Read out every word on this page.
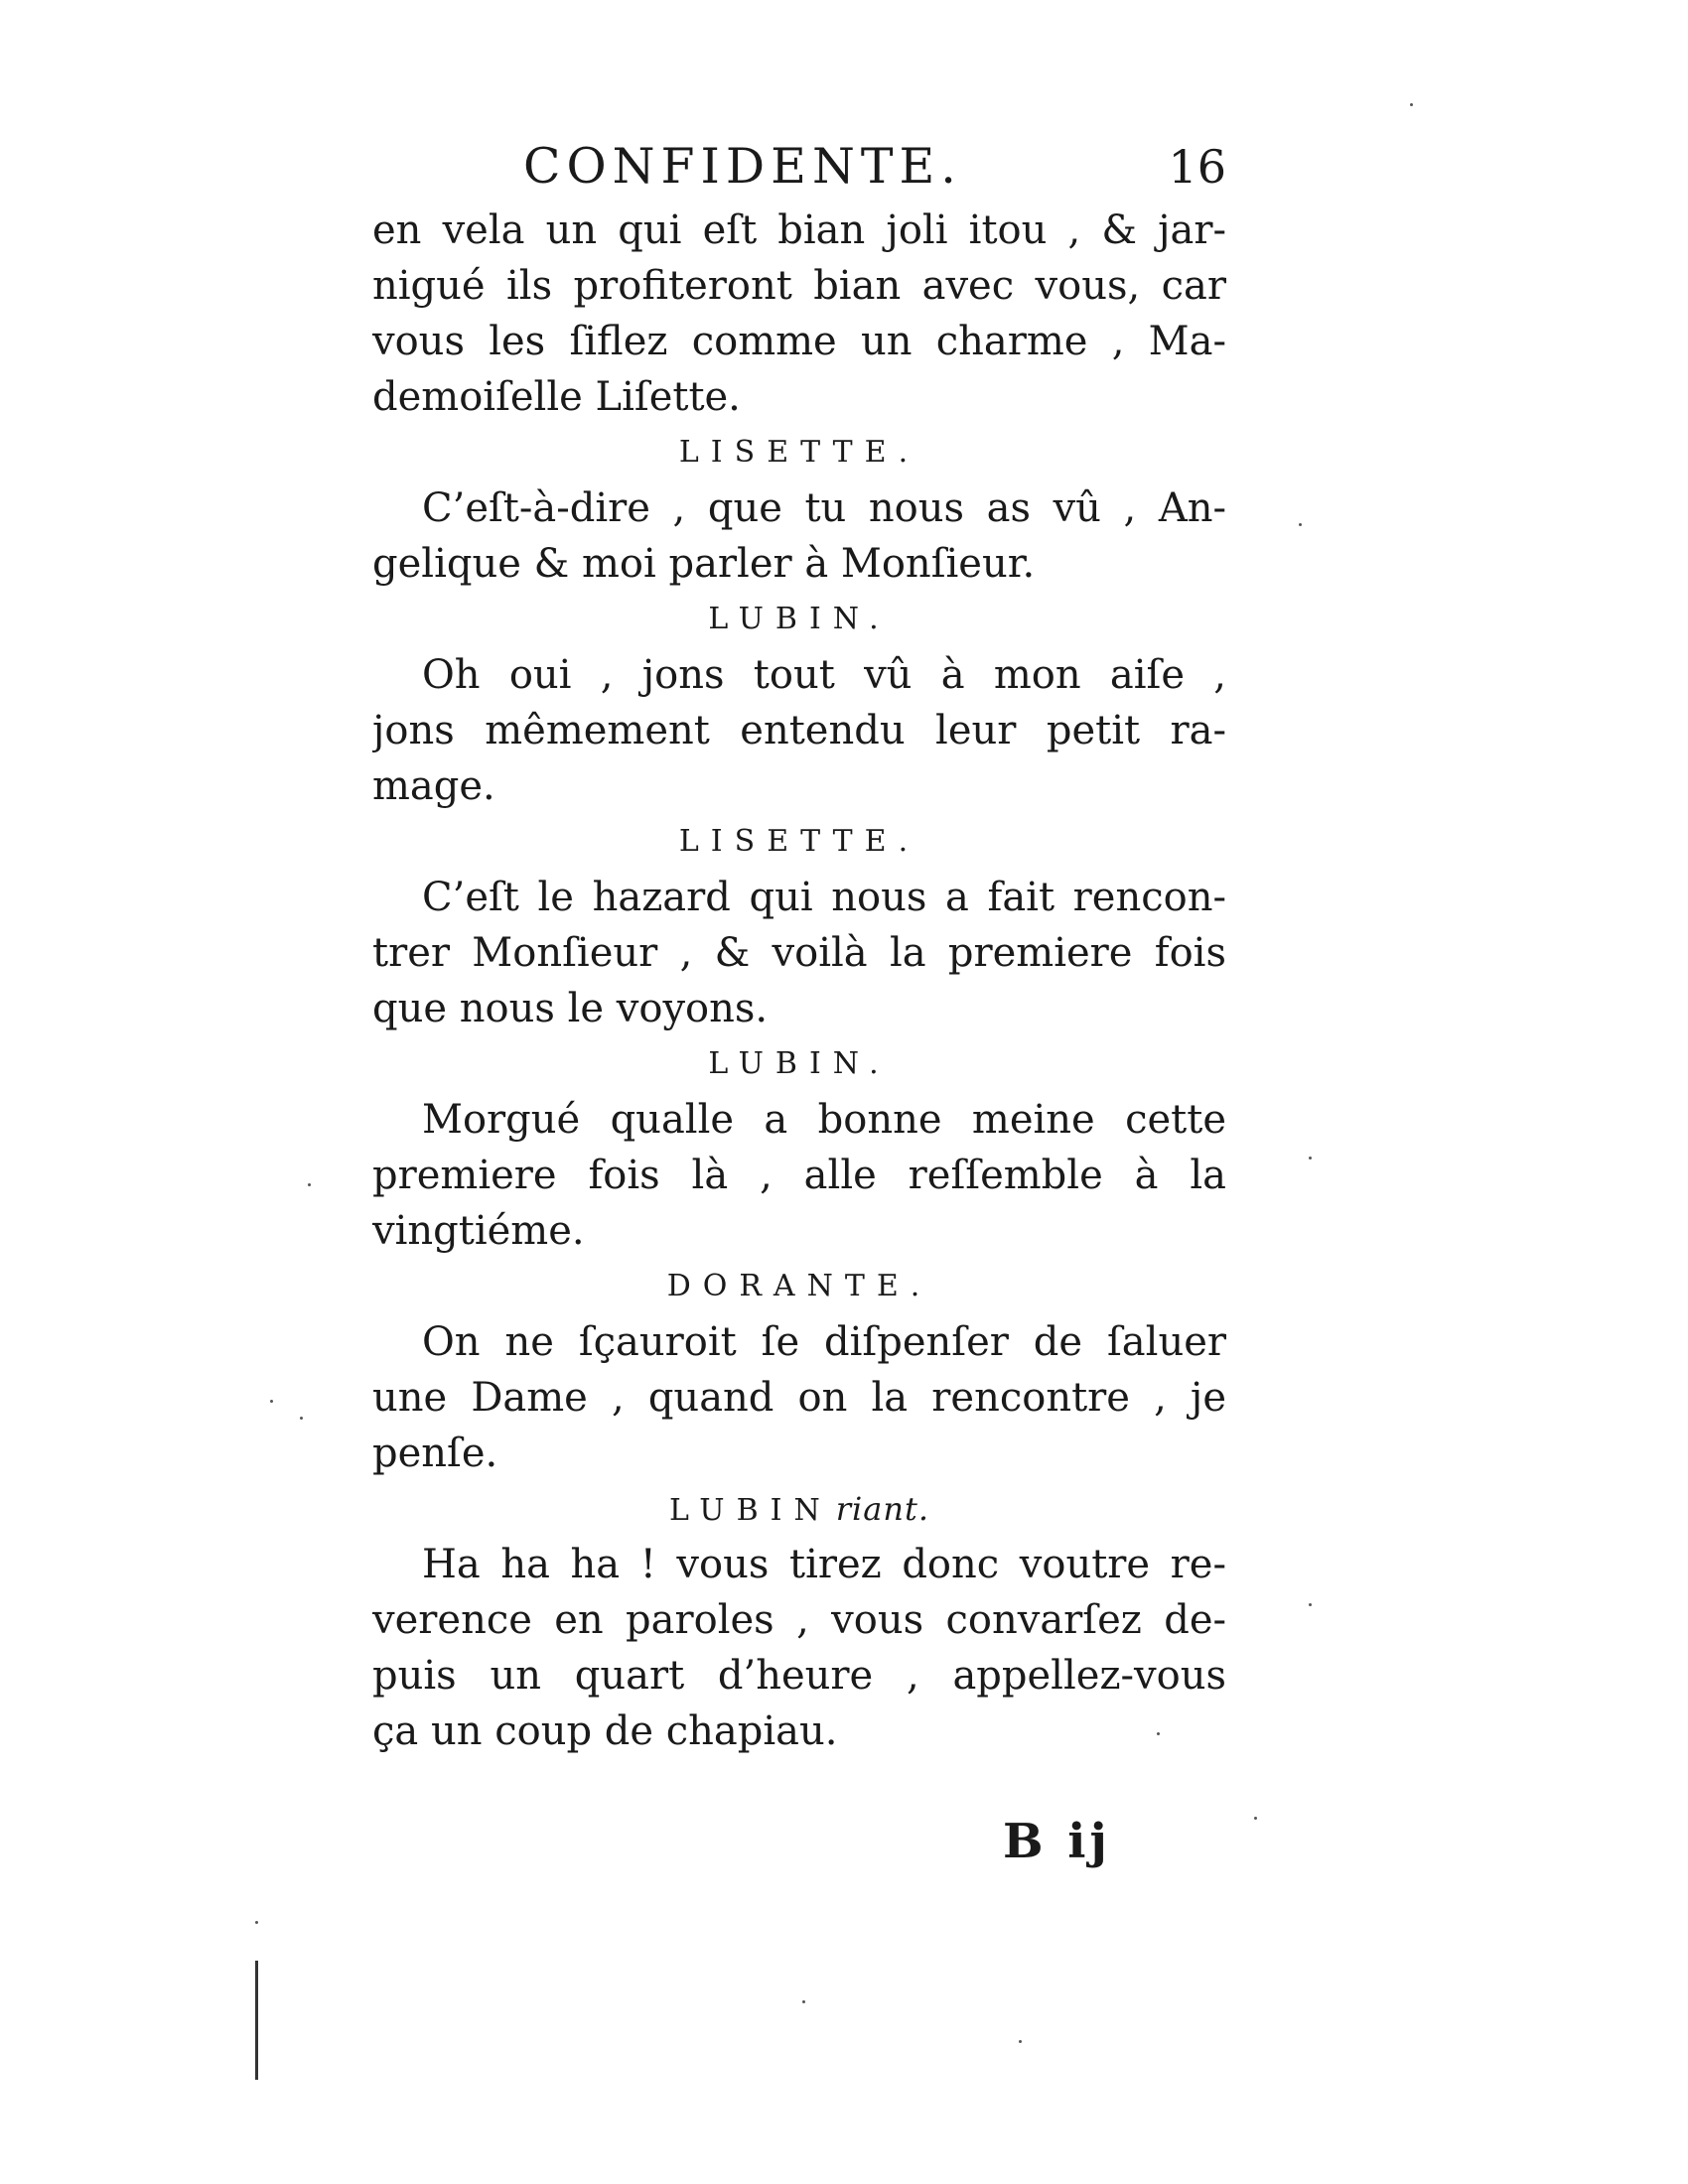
CONFIDENTE.	16
en vela un qui eſt bian joli itou , & jar-
nigué ils profiteront bian avec vous, car
vous les ſiflez comme un charme , Ma-
demoiſelle Liſette.
LISETTE.
C’eſt-à-dire , que tu nous as vû , An-
gelique & moi parler à Monſieur.
LUBIN.
Oh oui , jons tout vû à mon aiſe ,
jons mêmement entendu leur petit ra-
mage.
LISETTE.
C’eſt le hazard qui nous a fait rencon-
trer Monſieur , & voilà la premiere fois
que nous le voyons.
LUBIN.
Morgué qualle a bonne meine cette
premiere fois là , alle reſſemble à la
vingtiéme.
DORANTE.
On ne ſçauroit ſe diſpenſer de ſaluer
une Dame , quand on la rencontre , je
penſe.
LUBIN riant.
Ha ha ha ! vous tirez donc voutre re-
verence en paroles , vous convarſez de-
puis un quart d’heure , appellez-vous
ça un coup de chapiau.
B ij
